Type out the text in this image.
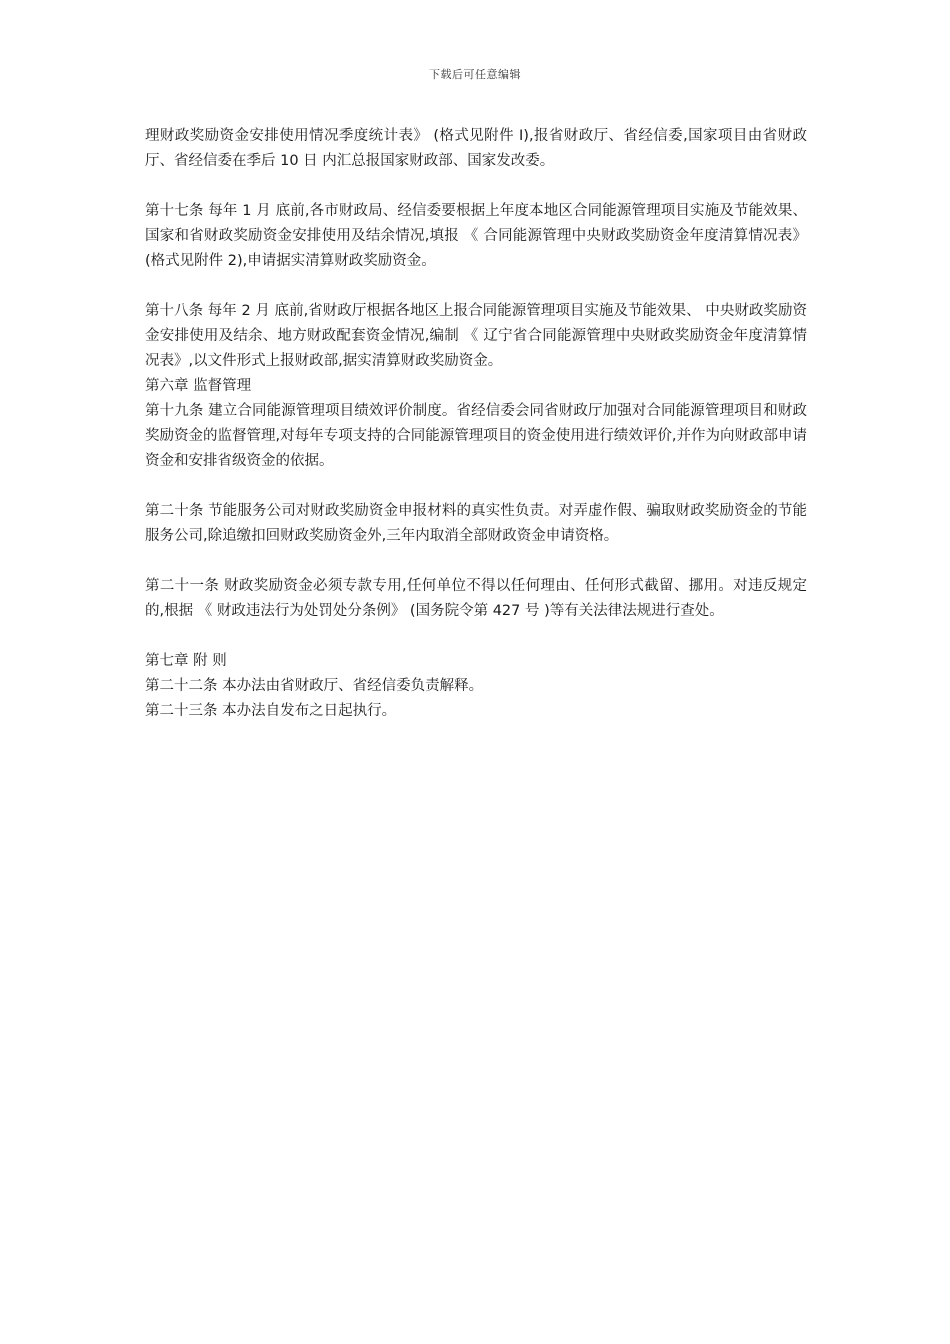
下载后可任意编辑

理财政奖励资金安排使用情况季度统计表》 (格式见附件 I),报省财政厅、省经信委,国家项目由省财政厅、省经信委在季后 10 日 内汇总报国家财政部、国家发改委。

第十七条 每年 1 月 底前,各市财政局、经信委要根据上年度本地区合同能源管理项目实施及节能效果、国家和省财政奖励资金安排使用及结余情况,填报 《 合同能源管理中央财政奖励资金年度清算情况表》 (格式见附件 2),申请据实清算财政奖励资金。

第十八条 每年 2 月 底前,省财政厅根据各地区上报合同能源管理项目实施及节能效果、 中央财政奖励资金安排使用及结余、地方财政配套资金情况,编制 《 辽宁省合同能源管理中央财政奖励资金年度清算情况表》,以文件形式上报财政部,据实清算财政奖励资金。

第六章 监督管理

第十九条 建立合同能源管理项目绩效评价制度。省经信委会同省财政厅加强对合同能源管理项目和财政奖励资金的监督管理,对每年专项支持的合同能源管理项目的资金使用进行绩效评价,并作为向财政部申请资金和安排省级资金的依据。

第二十条 节能服务公司对财政奖励资金申报材料的真实性负责。对弄虚作假、骗取财政奖励资金的节能服务公司,除追缴扣回财政奖励资金外,三年内取消全部财政资金申请资格。

第二十一条 财政奖励资金必须专款专用,任何单位不得以任何理由、任何形式截留、挪用。对违反规定的,根据 《 财政违法行为处罚处分条例》 (国务院令第 427 号 )等有关法律法规进行查处。

第七章 附 则

第二十二条 本办法由省财政厅、省经信委负责解释。

第二十三条 本办法自发布之日起执行。
